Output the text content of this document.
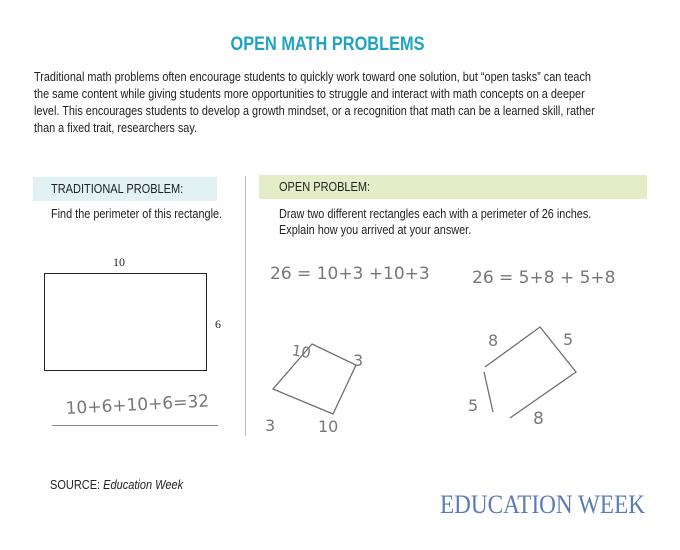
OPEN MATH PROBLEMS
Traditional math problems often encourage students to quickly work toward one solution, but “open tasks” can teach
the same content while giving students more opportunities to struggle and interact with math concepts on a deeper
level. This encourages students to develop a growth mindset, or a recognition that math can be a learned skill, rather
than a fixed trait, researchers say.
TRADITIONAL PROBLEM:
Find the perimeter of this rectangle.
10
6
OPEN PROBLEM:
Draw two different rectangles each with a perimeter of 26 inches.
Explain how you arrived at your answer.
10+6+10+6=32
26 = 10+3 +10+3 26 = 5+8 + 5+8
10	3
3	10
8	5
5
8
SOURCE: Education Week
EDUCATION WEEK
